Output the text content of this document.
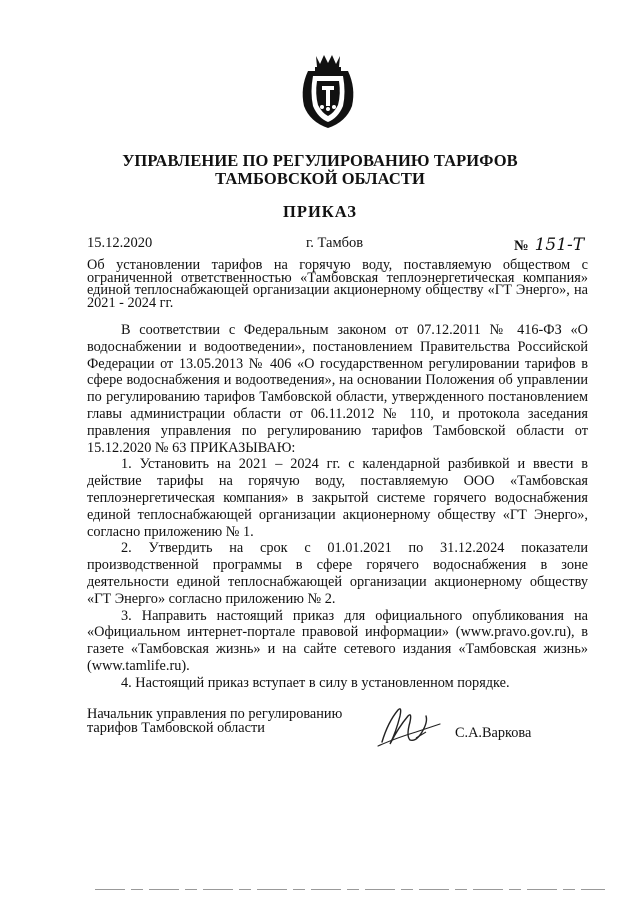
УПРАВЛЕНИЕ ПО РЕГУЛИРОВАНИЮ ТАРИФОВ
ТАМБОВСКОЙ ОБЛАСТИ
ПРИКАЗ
15.12.2020	г. Тамбов	№ 151-Т
Об установлении тарифов на горячую воду, поставляемую обществом с ограниченной ответственностью «Тамбовская теплоэнергетическая компания» единой теплоснабжающей организации акционерному обществу «ГТ Энерго», на 2021 - 2024 гг.

В соответствии с Федеральным законом от 07.12.2011 № 416-ФЗ «О водоснабжении и водоотведении», постановлением Правительства Российской Федерации от 13.05.2013 № 406 «О государственном регулировании тарифов в сфере водоснабжения и водоотведения», на основании Положения об управлении по регулированию тарифов Тамбовской области, утвержденного постановлением главы администрации области от 06.11.2012 № 110, и протокола заседания правления управления по регулированию тарифов Тамбовской области от 15.12.2020 № 63 ПРИКАЗЫВАЮ:

1. Установить на 2021 – 2024 гг. с календарной разбивкой и ввести в действие тарифы на горячую воду, поставляемую ООО «Тамбовская теплоэнергетическая компания» в закрытой системе горячего водоснабжения единой теплоснабжающей организации акционерному обществу «ГТ Энерго», согласно приложению № 1.

2. Утвердить на срок с 01.01.2021 по 31.12.2024 показатели производственной программы в сфере горячего водоснабжения в зоне деятельности единой теплоснабжающей организации акционерному обществу «ГТ Энерго» согласно приложению № 2.

3. Направить настоящий приказ для официального опубликования на «Официальном интернет-портале правовой информации» (www.pravo.gov.ru), в газете «Тамбовская жизнь» и на сайте сетевого издания «Тамбовская жизнь» (www.tamlife.ru).

4. Настоящий приказ вступает в силу в установленном порядке.

Начальник управления по регулированию
тарифов Тамбовской области	С.А.Варкова
